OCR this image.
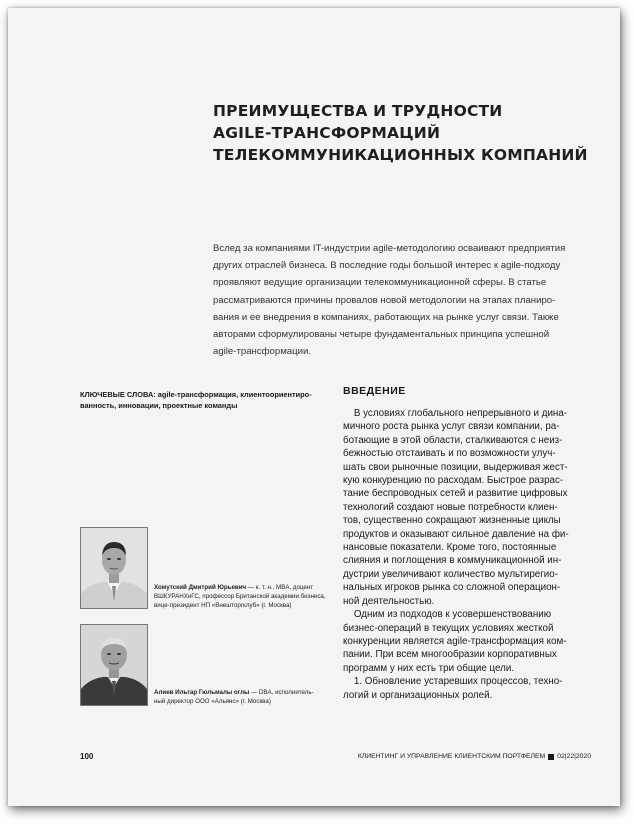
ПРЕИМУЩЕСТВА И ТРУДНОСТИ
AGILE-ТРАНСФОРМАЦИЙ
ТЕЛЕКОММУНИКАЦИОННЫХ КОМПАНИЙ
Вслед за компаниями IT-индустрии agile-методологию осваивают предприятия
других отраслей бизнеса. В последние годы большой интерес к agile-подходу
проявляют ведущие организации телекоммуникационной сферы. В статье
рассматриваются причины провалов новой методологии на этапах планиро-
вания и ее внедрения в компаниях, работающих на рынке услуг связи. Также
авторами сформулированы четыре фундаментальных принципа успешной
agile-трансформации.
КЛЮЧЕВЫЕ СЛОВА: agile-трансформация, клиентоориентиро-
ванность, инновации, проектные команды
Хомутский Дмитрий Юрьевич — к. т. н., MBA, доцент
ВШКУРАНХиГС, профессор Британской академии бизнеса,
вице-президент НП «Внешторгклуб» (г. Москва)
Алиев Ильгар Гюльмалы оглы — DBA, исполнитель-
ный директор ООО «Альянс» (г. Москва)
ВВЕДЕНИЕ
В условиях глобального непрерывного и дина-
мичного роста рынка услуг связи компании, ра-
ботающие в этой области, сталкиваются с неиз-
бежностью отстаивать и по возможности улуч-
шать свои рыночные позиции, выдерживая жест-
кую конкуренцию по расходам. Быстрое разрас-
тание беспроводных сетей и развитие цифровых
технологий создают новые потребности клиен-
тов, существенно сокращают жизненные циклы
продуктов и оказывают сильное давление на фи-
нансовые показатели. Кроме того, постоянные
слияния и поглощения в коммуникационной ин-
дустрии увеличивают количество мультирегио-
нальных игроков рынка со сложной операцион-
ной деятельностью.
Одним из подходов к усовершенствованию
бизнес-операций в текущих условиях жесткой
конкуренции является agile-трансформация ком-
пании. При всем многообразии корпоративных
программ у них есть три общие цели.
1. Обновление устаревших процессов, техно-
логий и организационных ролей.
100	КЛИЕНТИНГ И УПРАВЛЕНИЕ КЛИЕНТСКИМ ПОРТФЕЛЕМ 02|22|2020
